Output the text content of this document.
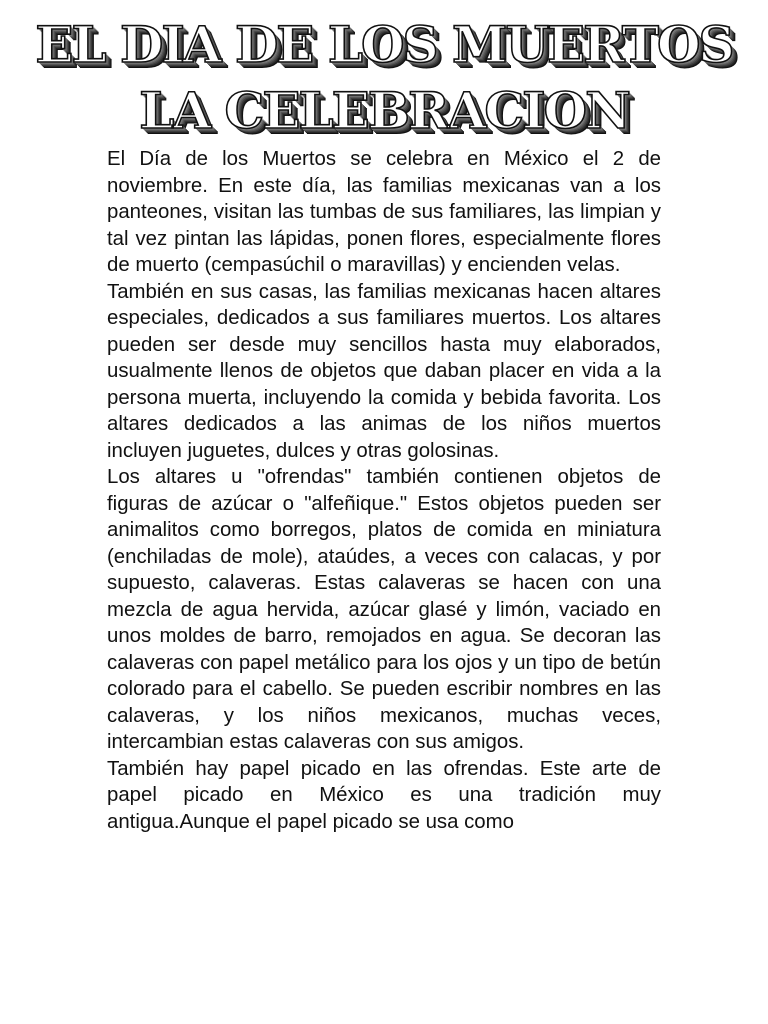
EL DIA DE LOS MUERTOS
LA CELEBRACION

El Día de los Muertos se celebra en México el 2 de noviembre. En este día, las familias mexicanas van a los panteones, visitan las tumbas de sus familiares, las limpian y tal vez pintan las lápidas, ponen flores, especialmente flores de muerto (cempasúchil o maravillas) y encienden velas.

También en sus casas, las familias mexicanas hacen altares especiales, dedicados a sus familiares muertos. Los altares pueden ser desde muy sencillos hasta muy elaborados, usualmente llenos de objetos que daban placer en vida a la persona muerta, incluyendo la comida y bebida favorita. Los altares dedicados a las animas de los niños muertos incluyen juguetes, dulces y otras golosinas.

Los altares u "ofrendas" también contienen objetos de figuras de azúcar o "alfeñique." Estos objetos pueden ser animalitos como borregos, platos de comida en miniatura (enchiladas de mole), ataúdes, a veces con calacas, y por supuesto, calaveras. Estas calaveras se hacen con una mezcla de agua hervida, azúcar glasé y limón, vaciado en unos moldes de barro, remojados en agua. Se decoran las calaveras con papel metálico para los ojos y un tipo de betún colorado para el cabello. Se pueden escribir nombres en las calaveras, y los niños mexicanos, muchas veces, intercambian estas calaveras con sus amigos.

También hay papel picado en las ofrendas. Este arte de papel picado en México es una tradición muy antigua.Aunque el papel picado se usa como
